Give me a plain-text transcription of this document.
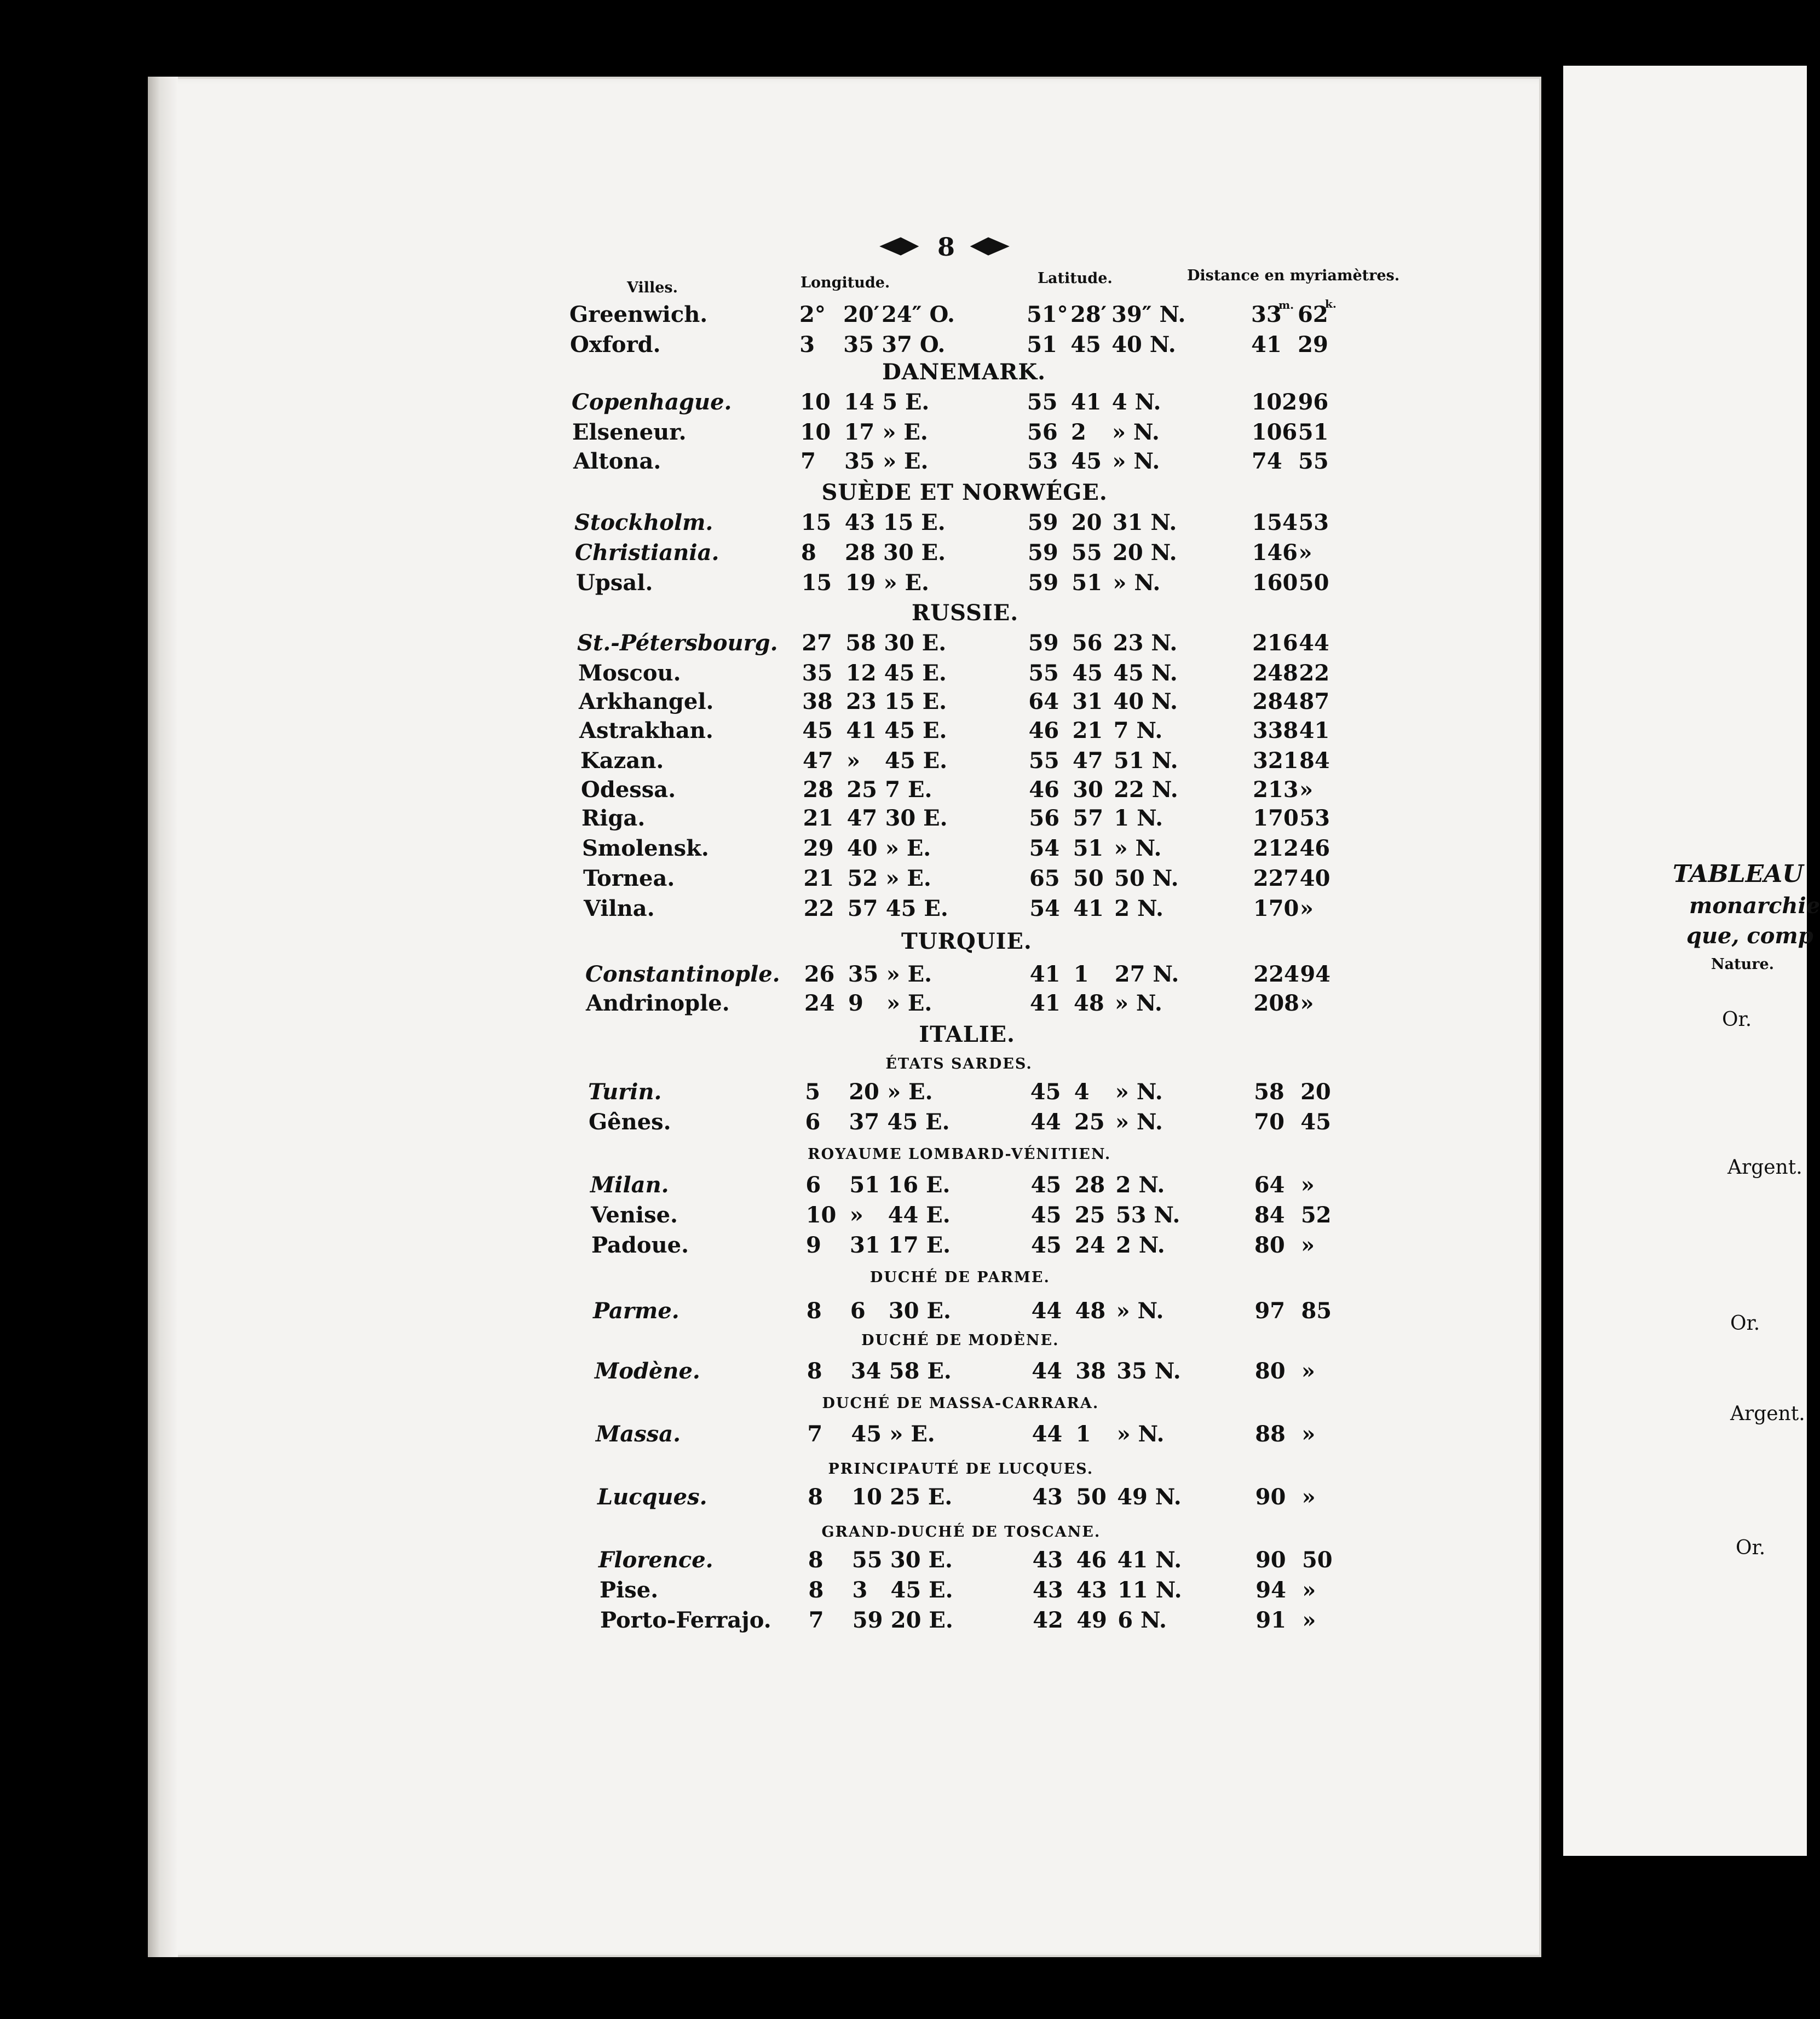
8
Villes.	Longitude.	Latitude.	Distance en myriamètres.
Greenwich.	2° 20′ 24″ O.	51° 28′ 39″ N.	33 62
m.	k.
Oxford.	3 35 37 O.	51 45 40 N.	41 29
DANEMARK.
Copenhague.	10 14 5 E.	55 41 4 N.	102 96
Elseneur.	10 17 » E.	56 2 » N.	106 51
Altona.	7 35 » E.	53 45 » N.	74 55
SUÈDE ET NORWÉGE.
Stockholm.	15 43 15 E.	59 20 31 N.	154 53
Christiania.	8 28 30 E.	59 55 20 N.	146 »
Upsal.	15 19 » E.	59 51 » N.	160 50
RUSSIE.
St.-Pétersbourg. 27 58 30 E.	59 56 23 N.	216 44
Moscou.	35 12 45 E.	55 45 45 N.	248 22
Arkhangel.	38 23 15 E.	64 31 40 N.	284 87
Astrakhan.	45 41 45 E.	46 21 7 N.	338 41
Kazan.	47 » 45 E.	55 47 51 N.	321 84
Odessa.	28 25 7 E.	46 30 22 N.	213 »
Riga.	21 47 30 E.	56 57 1 N.	170 53
Smolensk.	29 40 » E.	54 51 » N.	212 46
Tornea.	21 52 » E.	65 50 50 N.	227 40
Vilna.	22 57 45 E.	54 41 2 N.	170 »
TURQUIE.
Constantinople. 26 35 » E.	41 1 27 N.	224 94
Andrinople.	24 9 » E.	41 48 » N.	208 »
ITALIE.
ÉTATS SARDES.
Turin.	5 20 » E.	45 4 » N.	58 20
Gênes.	6 37 45 E.	44 25 » N.	70 45
ROYAUME LOMBARD-VÉNITIEN.
Milan.	6 51 16 E.	45 28 2 N.	64 »
Venise.	10 » 44 E.	45 25 53 N.	84 52
Padoue.	9 31 17 E.	45 24 2 N.	80 »
DUCHÉ DE PARME.
Parme.	8 6 30 E.	44 48 » N.	97 85
DUCHÉ DE MODÈNE.
Modène.	8 34 58 E.	44 38 35 N.	80 »
DUCHÉ DE MASSA-CARRARA.
Massa.	7 45 » E.	44 1 » N.	88 »
PRINCIPAUTÉ DE LUCQUES.
Lucques.	8 10 25 E.	43 50 49 N.	90 »
GRAND-DUCHÉ DE TOSCANE.
Florence.	8 55 30 E.	43 46 41 N.	90 50
Pise.	8 3 45 E.	43 43 11 N.	94 »
Porto-Ferrajo. 7 59 20 E.	42 49 6 N.	91 »
TABLEAU
monarchie
que, comp
Nature.
Or.
Argent.
Or.
Argent.
Or.
